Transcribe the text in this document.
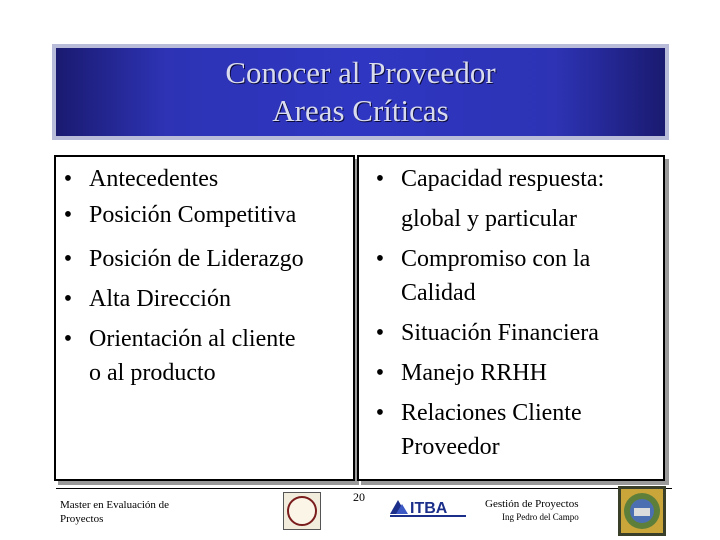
Conocer al Proveedor
Areas Críticas
• Antecedentes
• Posición Competitiva
• Posición de Liderazgo
• Alta Dirección
• Orientación al cliente
o al producto
• Capacidad respuesta:
global y particular
• Compromiso con la
Calidad
• Situación Financiera
• Manejo RRHH
• Relaciones Cliente
Proveedor
Master en Evaluación de
Proyectos
20
ITBA	Gestión de Proyectos
Ing Pedro del Campo
